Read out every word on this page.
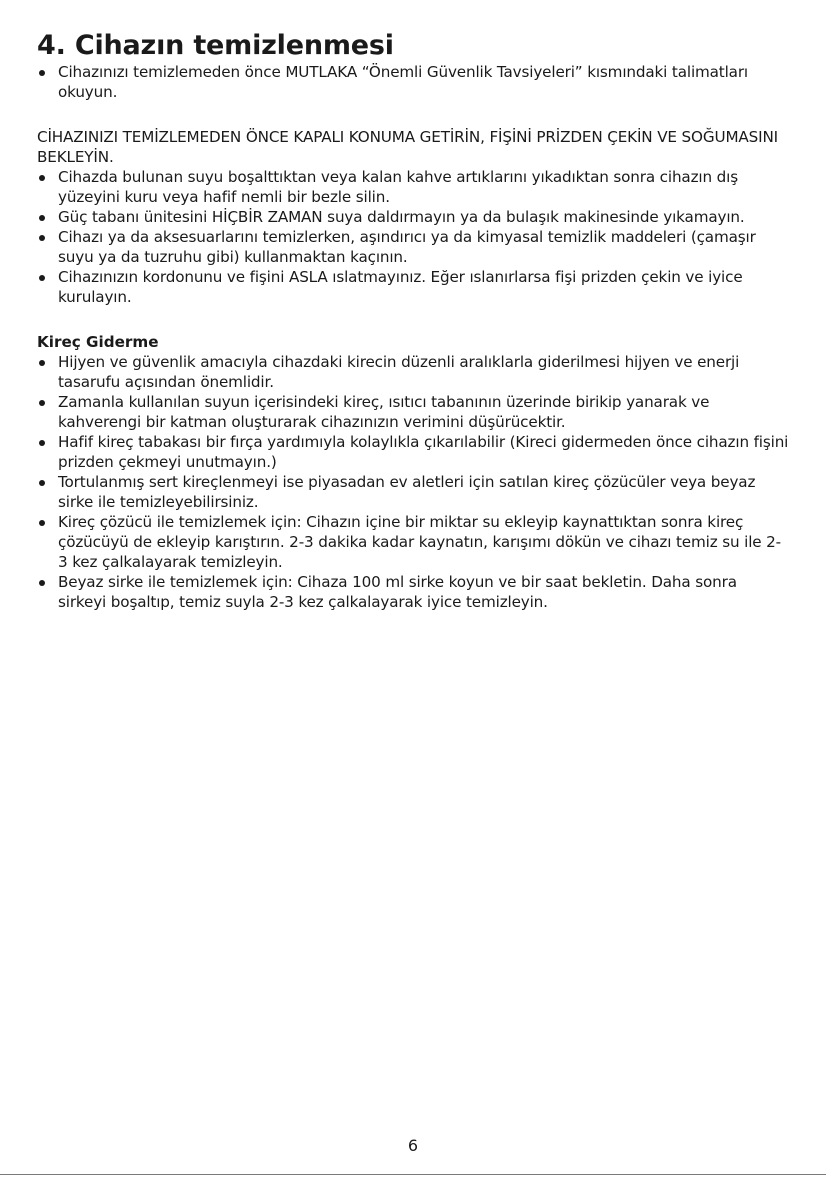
4. Cihazın temizlenmesi
Cihazınızı temizlemeden önce MUTLAKA “Önemli Güvenlik Tavsiyeleri” kısmındaki talimatları okuyun.
CİHAZINIZI TEMİZLEMEDEN ÖNCE KAPALI KONUMA GETİRİN, FİŞİNİ PRİZDEN ÇEKİN VE SOĞUMASINI BEKLEYİN.
Cihazda bulunan suyu boşalttıktan veya kalan kahve artıklarını yıkadıktan sonra cihazın dış yüzeyini kuru veya hafif nemli bir bezle silin.
Güç tabanı ünitesini HİÇBİR ZAMAN suya daldırmayın ya da bulaşık makinesinde yıkamayın.
Cihazı ya da aksesuarlarını temizlerken, aşındırıcı ya da kimyasal temizlik maddeleri (çamaşır suyu ya da tuzruhu gibi) kullanmaktan kaçının.
Cihazınızın kordonunu ve fişini ASLA ıslatmayınız. Eğer ıslanırlarsa fişi prizden çekin ve iyice kurulayın.
Kireç Giderme
Hijyen ve güvenlik amacıyla cihazdaki kirecin düzenli aralıklarla giderilmesi hijyen ve enerji tasarufu açısından önemlidir.
Zamanla kullanılan suyun içerisindeki kireç, ısıtıcı tabanının üzerinde birikip yanarak ve kahverengi bir katman oluşturarak cihazınızın verimini düşürücektir.
Hafif kireç tabakası bir fırça yardımıyla kolaylıkla çıkarılabilir (Kireci gidermeden önce cihazın fişini prizden çekmeyi unutmayın.)
Tortulanmış sert kireçlenmeyi ise piyasadan ev aletleri için satılan kireç çözücüler veya beyaz sirke ile temizleyebilirsiniz.
Kireç çözücü ile temizlemek için: Cihazın içine bir miktar su ekleyip kaynattıktan sonra kireç çözücüyü de ekleyip karıştırın. 2-3 dakika kadar kaynatın, karışımı dökün ve cihazı temiz su ile 2-3 kez çalkalayarak temizleyin.
Beyaz sirke ile temizlemek için: Cihaza 100 ml sirke koyun ve bir saat bekletin. Daha sonra sirkeyi boşaltıp, temiz suyla 2-3 kez çalkalayarak iyice temizleyin.
6
